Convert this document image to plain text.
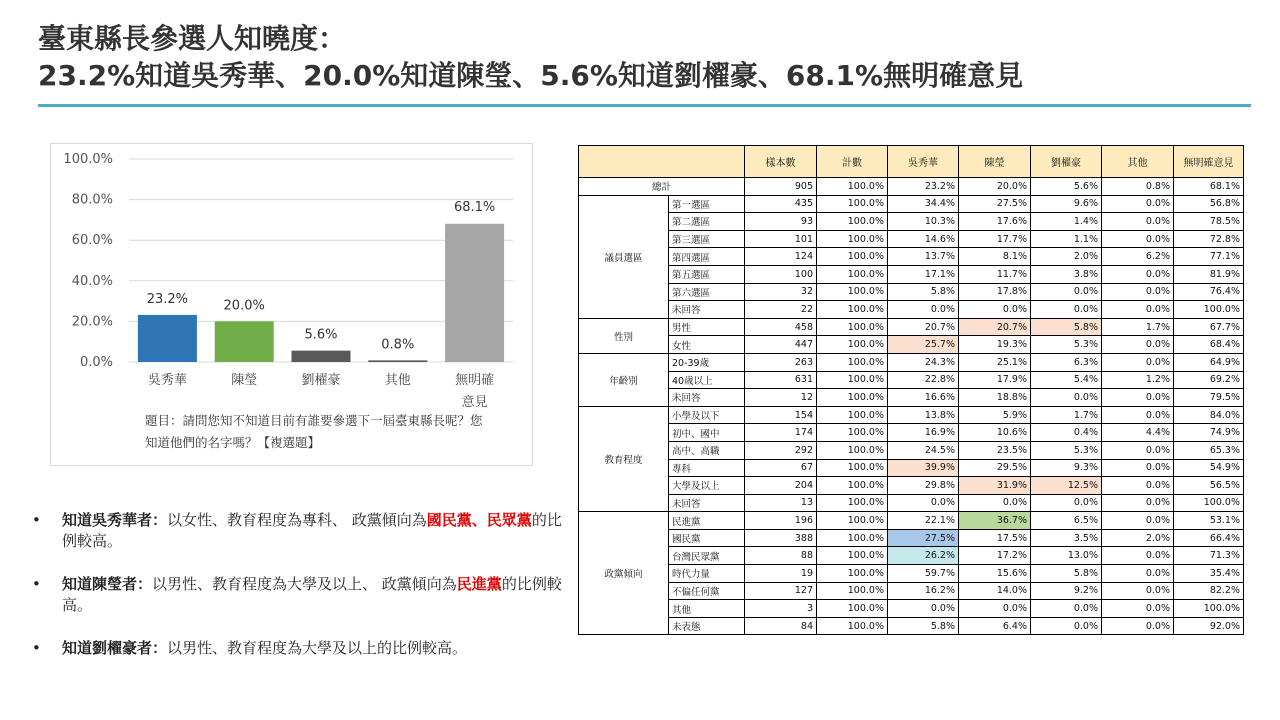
臺東縣長參選人知曉度：
23.2%知道吳秀華、20.0%知道陳瑩、5.6%知道劉櫂豪、68.1%無明確意見
0.0%
20.0%
40.0%
60.0%
80.0%
100.0%
23.2%
吳秀華
20.0%
陳瑩
5.6%
劉櫂豪
0.8%
其他
68.1%
無明確
意見
題目：請問您知不知道目前有誰要參選下一屆臺東縣長呢？您
知道他們的名字嗎？【複選題】
• 知道吳秀華者：以女性、教育程度為專科、 政黨傾向為國民黨、民眾黨的比例較高。
• 知道陳瑩者：以男性、教育程度為大學及以上、 政黨傾向為民進黨的比例較高。
• 知道劉櫂豪者：以男性、教育程度為大學及以上的比例較高。
		樣本數	計數	吳秀華	陳瑩	劉櫂豪	其他	無明確意見
總計		905	100.0%	23.2%	20.0%	5.6%	0.8%	68.1%
議員選區	第一選區	435	100.0%	34.4%	27.5%	9.6%	0.0%	56.8%
	第二選區	93	100.0%	10.3%	17.6%	1.4%	0.0%	78.5%
	第三選區	101	100.0%	14.6%	17.7%	1.1%	0.0%	72.8%
	第四選區	124	100.0%	13.7%	8.1%	2.0%	6.2%	77.1%
	第五選區	100	100.0%	17.1%	11.7%	3.8%	0.0%	81.9%
	第六選區	32	100.0%	5.8%	17.8%	0.0%	0.0%	76.4%
	未回答	22	100.0%	0.0%	0.0%	0.0%	0.0%	100.0%
性別	男性	458	100.0%	20.7%	20.7%	5.8%	1.7%	67.7%
	女性	447	100.0%	25.7%	19.3%	5.3%	0.0%	68.4%
年齡別	20-39歲	263	100.0%	24.3%	25.1%	6.3%	0.0%	64.9%
	40歲以上	631	100.0%	22.8%	17.9%	5.4%	1.2%	69.2%
	未回答	12	100.0%	16.6%	18.8%	0.0%	0.0%	79.5%
教育程度	小學及以下	154	100.0%	13.8%	5.9%	1.7%	0.0%	84.0%
	初中、國中	174	100.0%	16.9%	10.6%	0.4%	4.4%	74.9%
	高中、高職	292	100.0%	24.5%	23.5%	5.3%	0.0%	65.3%
	專科	67	100.0%	39.9%	29.5%	9.3%	0.0%	54.9%
	大學及以上	204	100.0%	29.8%	31.9%	12.5%	0.0%	56.5%
	未回答	13	100.0%	0.0%	0.0%	0.0%	0.0%	100.0%
政黨傾向	民進黨	196	100.0%	22.1%	36.7%	6.5%	0.0%	53.1%
	國民黨	388	100.0%	27.5%	17.5%	3.5%	2.0%	66.4%
	台灣民眾黨	88	100.0%	26.2%	17.2%	13.0%	0.0%	71.3%
	時代力量	19	100.0%	59.7%	15.6%	5.8%	0.0%	35.4%
	不偏任何黨	127	100.0%	16.2%	14.0%	9.2%	0.0%	82.2%
	其他	3	100.0%	0.0%	0.0%	0.0%	0.0%	100.0%
	未表態	84	100.0%	5.8%	6.4%	0.0%	0.0%	92.0%
